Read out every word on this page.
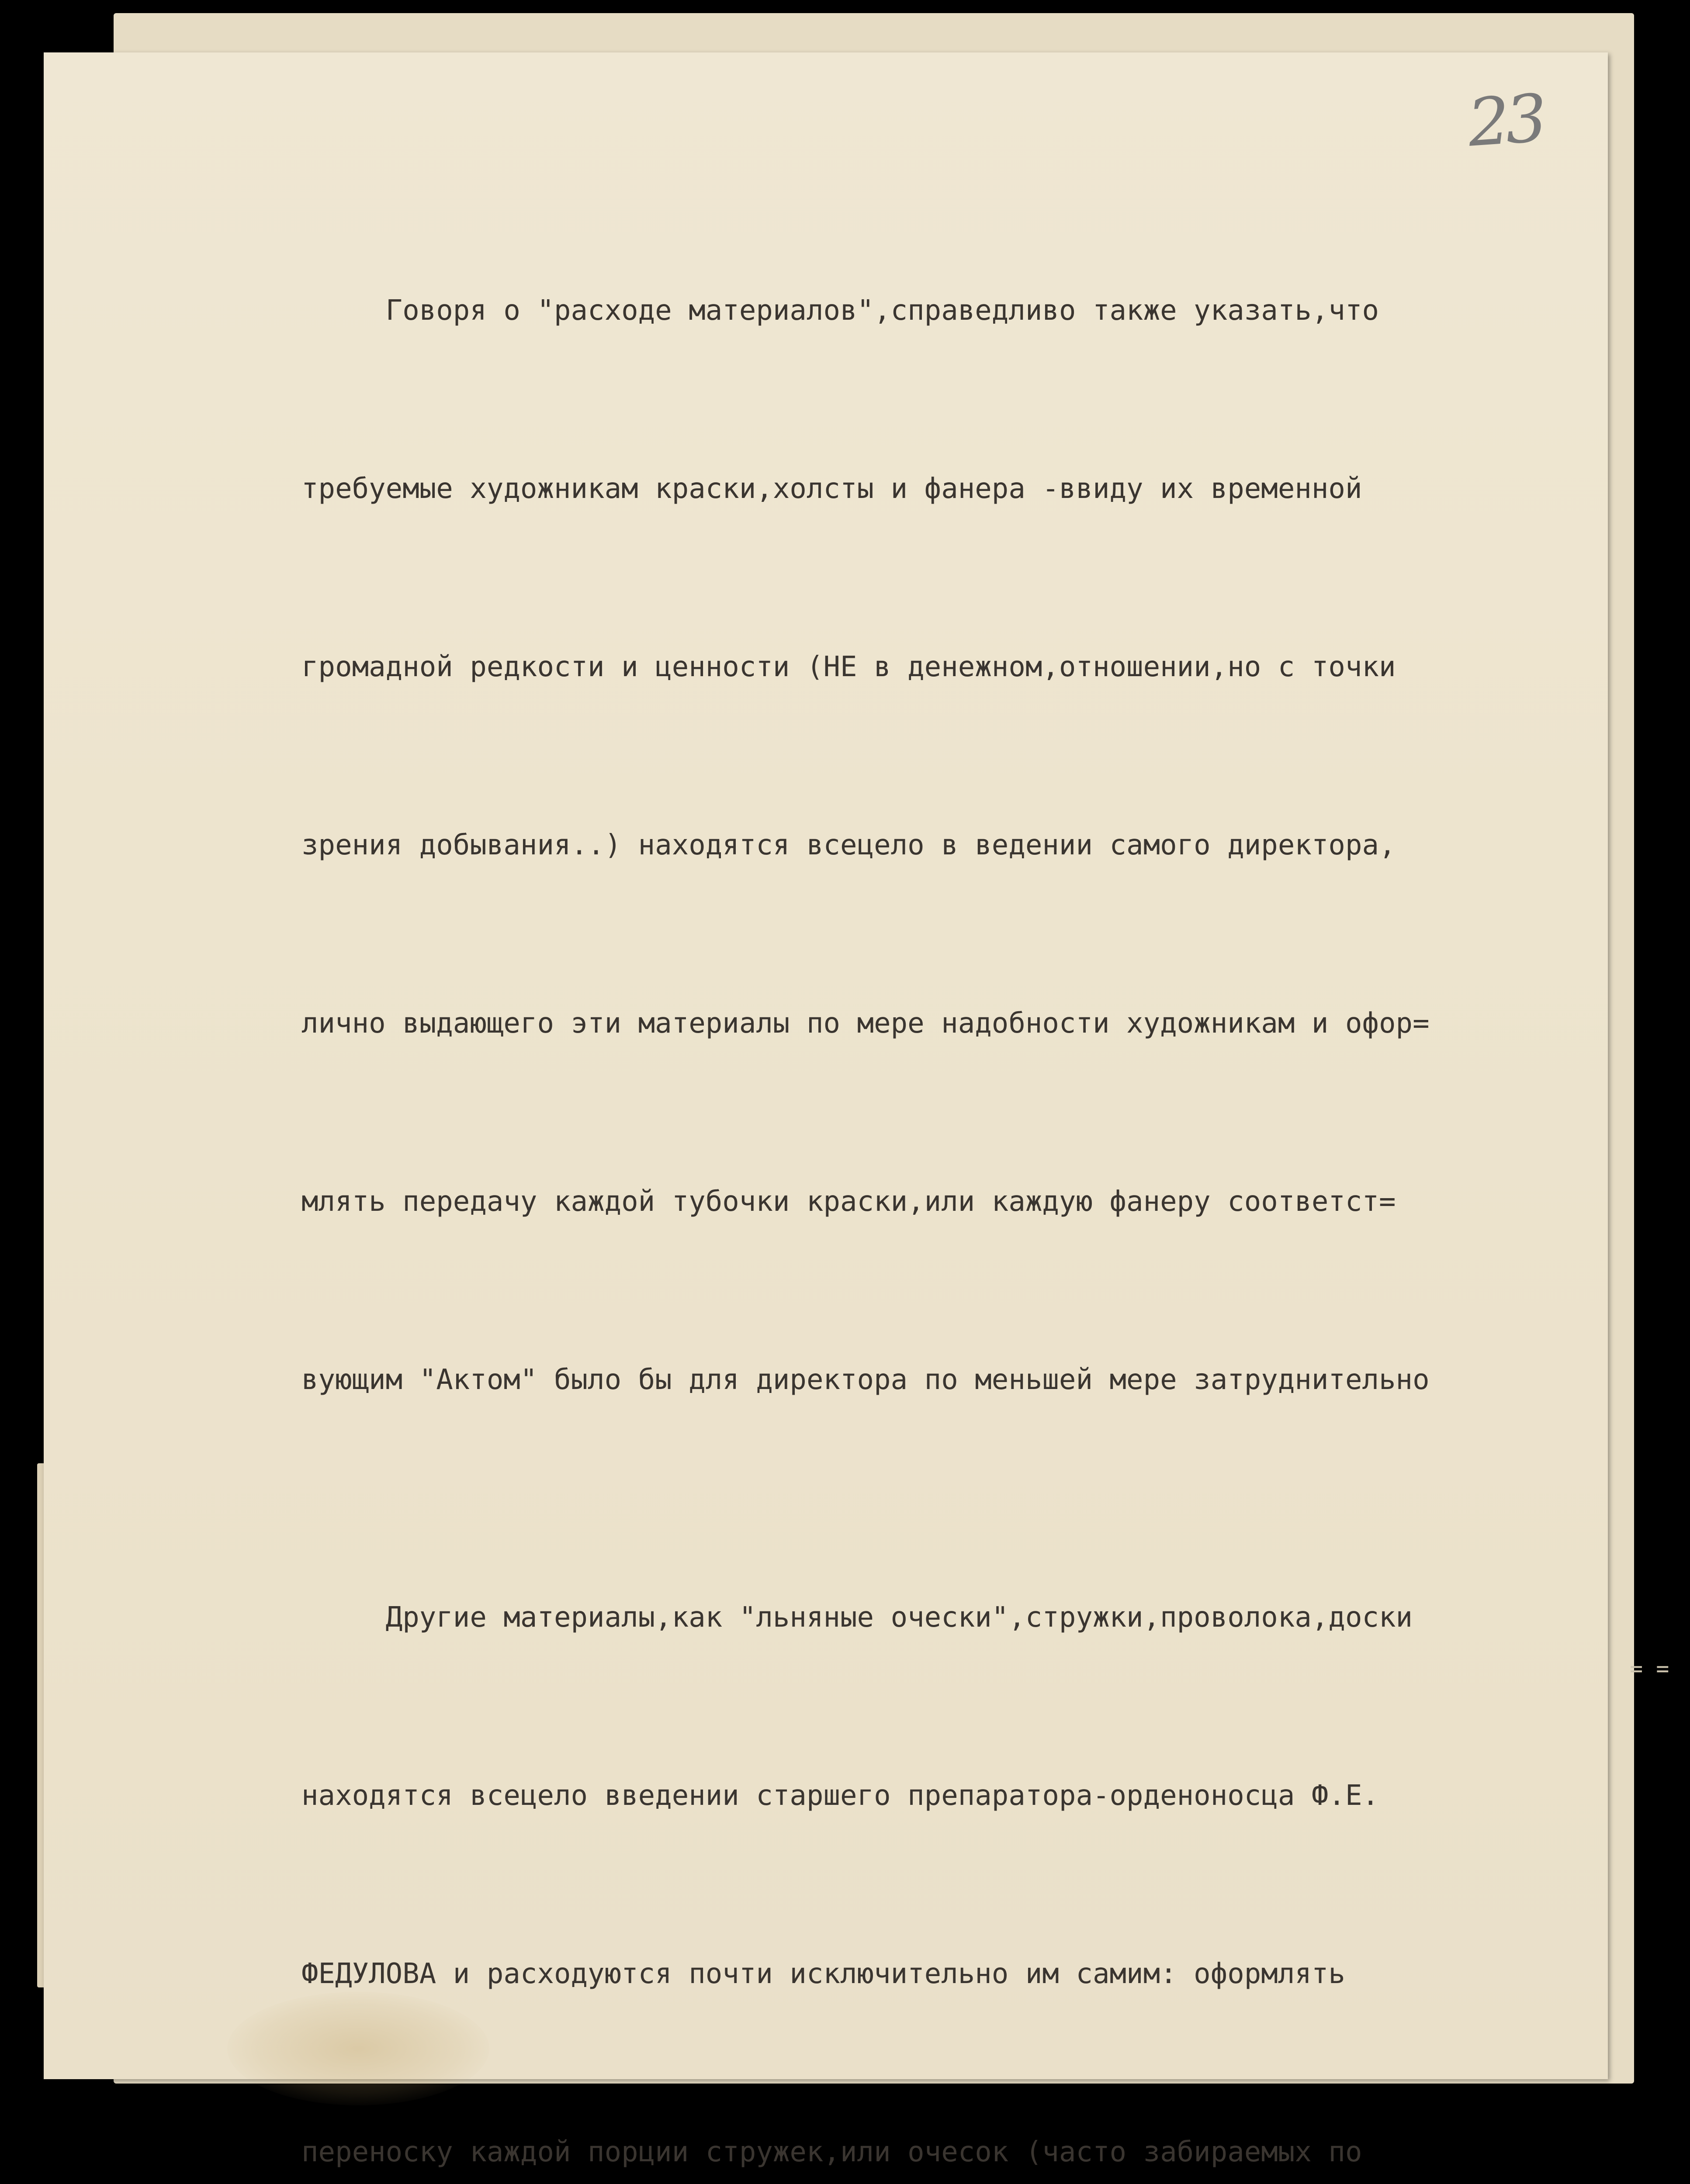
23

Говоря о "расходе материалов",справедливо также указать,что

требуемые художникам краски,холсты и фанера -ввиду их временной

громадной редкости и ценности (НЕ в денежном,отношении,но с точки

зрения добывания..) находятся всецело в ведении самого директора,

лично выдающего эти материалы по мере надобности художникам и офор=

млять передачу каждой тубочки краски,или каждую фанеру соответст=

вующим "Актом" было бы для директора по меньшей мере затруднительно

Другие материалы,как "льняные очески",стружки,проволока,доски

находятся всецело введении старшего препаратора-орденоносца Ф.Е.

ФЕДУЛОВА и расходуются почти исключительно им самим: оформлять

переноску каждой порции стружек,или очесок (часто забираемых по

= =
